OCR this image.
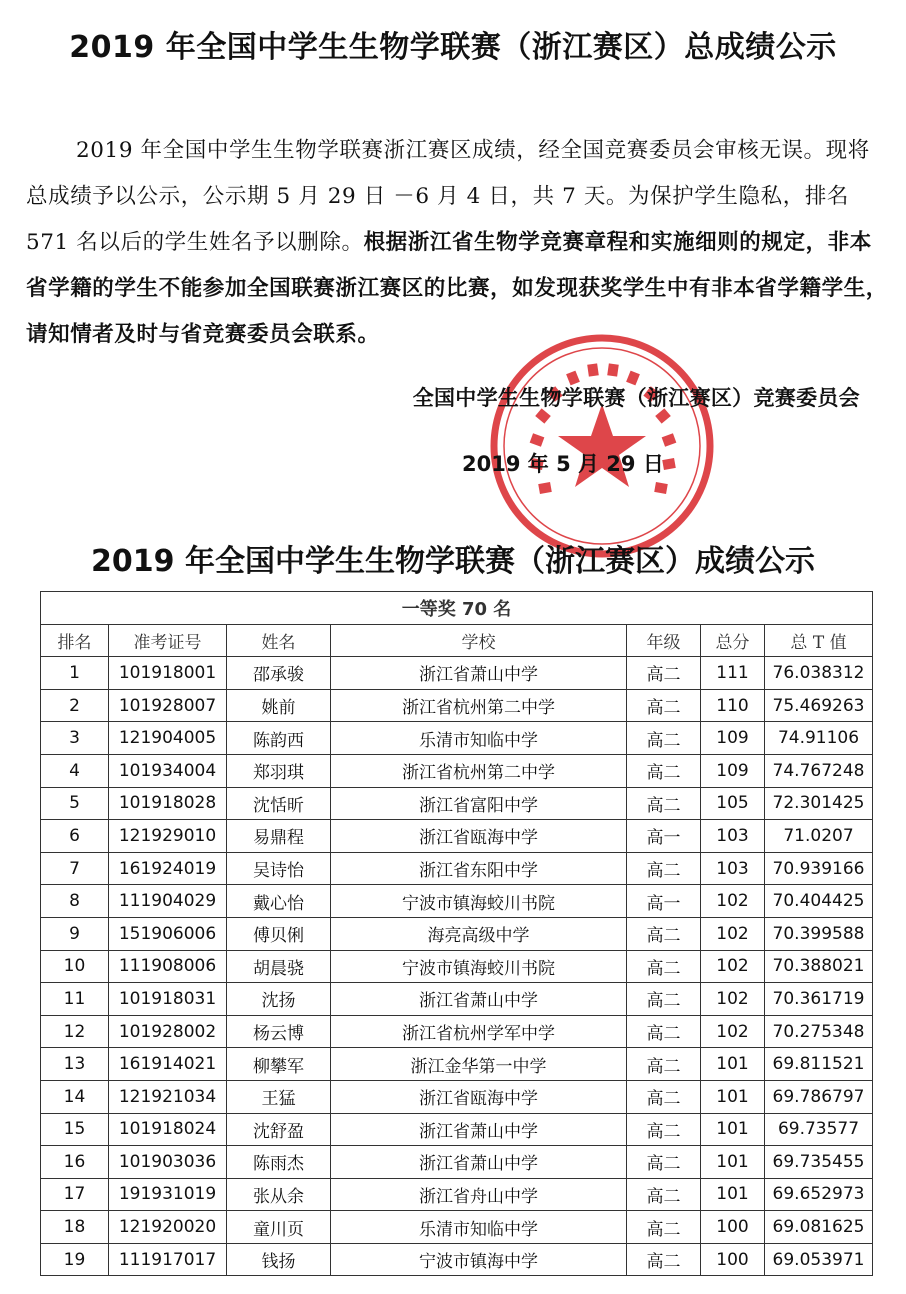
2019 年全国中学生生物学联赛（浙江赛区）总成绩公示

2019 年全国中学生生物学联赛浙江赛区成绩，经全国竞赛委员会审核无误。现将总成绩予以公示，公示期 5 月 29 日 －6 月 4 日，共 7 天。为保护学生隐私，排名 571 名以后的学生姓名予以删除。根据浙江省生物学竞赛章程和实施细则的规定，非本省学籍的学生不能参加全国联赛浙江赛区的比赛，如发现获奖学生中有非本省学籍学生，请知情者及时与省竞赛委员会联系。

全国中学生生物学联赛（浙江赛区）竞赛委员会
2019 年 5 月 29 日
2019 年全国中学生生物学联赛（浙江赛区）成绩公示
一等奖 70 名						
排名	准考证号	姓名	学校	年级	总分	总 T 值
1	101918001	邵承骏	浙江省萧山中学	高二	111	76.038312
2	101928007	姚前	浙江省杭州第二中学	高二	110	75.469263
3	121904005	陈韵西	乐清市知临中学	高二	109	74.91106
4	101934004	郑羽琪	浙江省杭州第二中学	高二	109	74.767248
5	101918028	沈恬昕	浙江省富阳中学	高二	105	72.301425
6	121929010	易鼎程	浙江省瓯海中学	高一	103	71.0207
7	161924019	吴诗怡	浙江省东阳中学	高二	103	70.939166
8	111904029	戴心怡	宁波市镇海蛟川书院	高一	102	70.404425
9	151906006	傅贝俐	海亮高级中学	高二	102	70.399588
10	111908006	胡晨骁	宁波市镇海蛟川书院	高二	102	70.388021
11	101918031	沈扬	浙江省萧山中学	高二	102	70.361719
12	101928002	杨云博	浙江省杭州学军中学	高二	102	70.275348
13	161914021	柳攀军	浙江金华第一中学	高二	101	69.811521
14	121921034	王猛	浙江省瓯海中学	高二	101	69.786797
15	101918024	沈舒盈	浙江省萧山中学	高二	101	69.73577
16	101903036	陈雨杰	浙江省萧山中学	高二	101	69.735455
17	191931019	张从余	浙江省舟山中学	高二	101	69.652973
18	121920020	童川页	乐清市知临中学	高二	100	69.081625
19	111917017	钱扬	宁波市镇海中学	高二	100	69.053971
